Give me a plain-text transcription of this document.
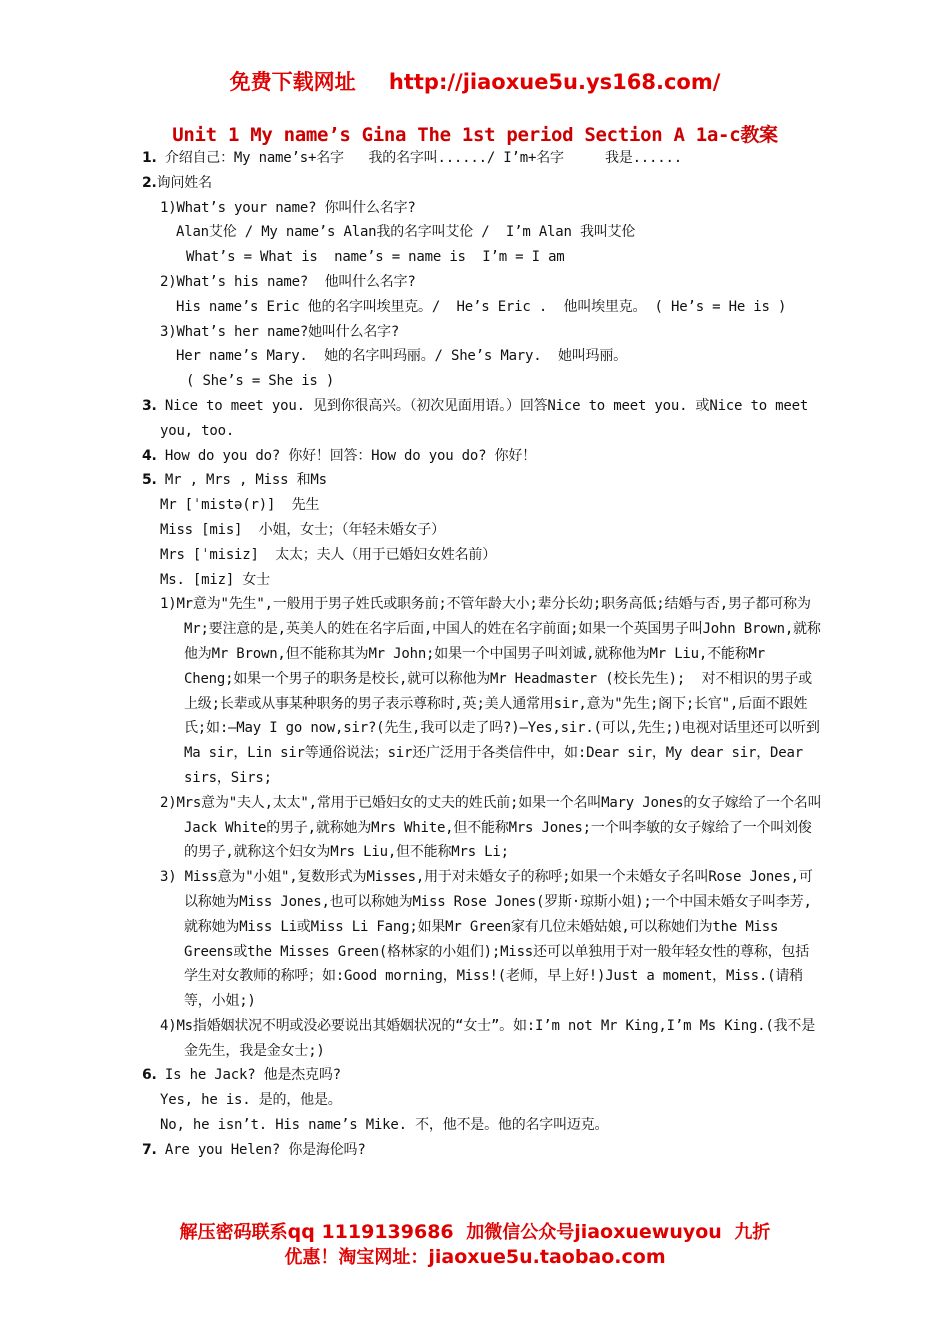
免费下载网址 http://jiaoxue5u.ys168.com/
Unit 1 My name’s Gina The 1st period Section A 1a-c教案

1. 介绍自己：My name’s+名字   我的名字叫....../ I’m+名字     我是......

2.询问姓名

1)What’s your name? 你叫什么名字?

Alan艾伦 / My name’s Alan我的名字叫艾伦 /  I’m Alan 我叫艾伦

What’s = What is  name’s = name is  I’m = I am

2)What’s his name?  他叫什么名字?

His name’s Eric 他的名字叫埃里克。/  He’s Eric .  他叫埃里克。 ( He’s = He is )

3)What’s her name?她叫什么名字?

Her name’s Mary.  她的名字叫玛丽。/ She’s Mary.  她叫玛丽。

( She’s = She is )

3. Nice to meet you. 见到你很高兴。（初次见面用语。）回答Nice to meet you. 或Nice to meet you, too.

4. How do you do? 你好！回答：How do you do? 你好！

5. Mr , Mrs , Miss 和Ms

Mr [ˈmistə(r)]  先生

Miss [mis]  小姐，女士；（年轻未婚女子）

Mrs [ˈmisiz]  太太；夫人（用于已婚妇女姓名前）

Ms. [miz] 女士

1)Mr意为"先生",一般用于男子姓氏或职务前;不管年龄大小;辈分长幼;职务高低;结婚与否,男子都可称为Mr;要注意的是,英美人的姓在名字后面,中国人的姓在名字前面;如果一个英国男子叫John Brown,就称他为Mr Brown,但不能称其为Mr John;如果一个中国男子叫刘诚,就称他为Mr Liu,不能称Mr Cheng;如果一个男子的职务是校长,就可以称他为Mr Headmaster (校长先生);  对不相识的男子或上级;长辈或从事某种职务的男子表示尊称时,英;美人通常用sir,意为"先生;阁下;长官",后面不跟姓氏;如:—May I go now,sir?(先生,我可以走了吗?)—Yes,sir.(可以,先生;)电视对话里还可以听到Ma sir，Lin sir等通俗说法；sir还广泛用于各类信件中，如:Dear sir，My dear sir，Dear sirs，Sirs;

2)Mrs意为"夫人,太太",常用于已婚妇女的丈夫的姓氏前;如果一个名叫Mary Jones的女子嫁给了一个名叫Jack White的男子,就称她为Mrs White,但不能称Mrs Jones;一个叫李敏的女子嫁给了一个叫刘俊的男子,就称这个妇女为Mrs Liu,但不能称Mrs Li;

3) Miss意为"小姐",复数形式为Misses,用于对未婚女子的称呼;如果一个未婚女子名叫Rose Jones,可以称她为Miss Jones,也可以称她为Miss Rose Jones(罗斯·琼斯小姐);一个中国未婚女子叫李芳,就称她为Miss Li或Miss Li Fang;如果Mr Green家有几位未婚姑娘,可以称她们为the Miss Greens或the Misses Green(格林家的小姐们);Miss还可以单独用于对一般年轻女性的尊称，包括学生对女教师的称呼；如:Good morning，Miss!(老师，早上好!)Just a moment，Miss.(请稍等，小姐;)

4)Ms指婚姻状况不明或没必要说出其婚姻状况的“女士”。如:I’m not Mr King,I’m Ms King.(我不是金先生，我是金女士;)

6. Is he Jack? 他是杰克吗?

Yes, he is. 是的，他是。

No, he isn’t. His name’s Mike. 不，他不是。他的名字叫迈克。

7. Are you Helen? 你是海伦吗?

解压密码联系qq 1119139686 加微信公众号jiaoxuewuyou 九折
优惠！淘宝网址：jiaoxue5u.taobao.com
